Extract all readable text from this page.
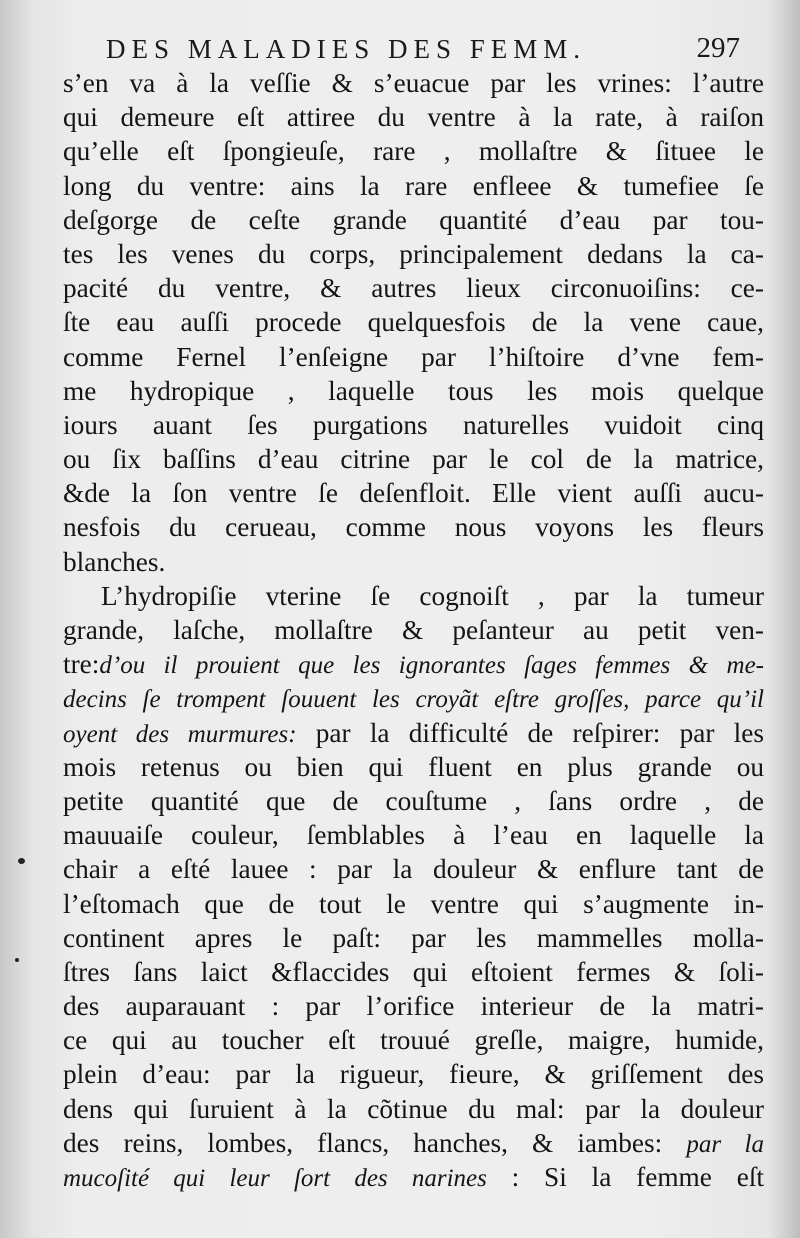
DES MALADIES DES FEMM.	297
s’en va à la veſſie & s’euacue par les vrines: l’autre
qui demeure eſt attiree du ventre à la rate, à raiſon
qu’elle eſt ſpongieuſe, rare , mollaſtre & ſituee le
long du ventre: ains la rare enfleee & tumefiee ſe
deſgorge de ceſte grande quantité d’eau par tou-
tes les venes du corps, principalement dedans la ca-
pacité du ventre, & autres lieux circonuoiſins: ce-
ſte eau auſſi procede quelquesfois de la vene caue,
comme Fernel l’enſeigne par l’hiſtoire d’vne fem-
me hydropique , laquelle tous les mois quelque
iours auant ſes purgations naturelles vuidoit cinq
ou ſix baſſins d’eau citrine par le col de la matrice,
&de la ſon ventre ſe deſenfloit. Elle vient auſſi aucu-
nesfois du cerueau, comme nous voyons les fleurs
blanches.
L’hydropiſie vterine ſe cognoiſt , par la tumeur
grande, laſche, mollaſtre & peſanteur au petit ven-
tre:d’ou il prouient que les ignorantes ſages femmes & me-
decins ſe trompent ſouuent les croyãt eſtre groſſes, parce qu’il
oyent des murmures: par la difficulté de reſpirer: par les
mois retenus ou bien qui fluent en plus grande ou
petite quantité que de couſtume , ſans ordre , de
mauuaiſe couleur, ſemblables à l’eau en laquelle la
chair a eſté lauee : par la douleur & enflure tant de
l’eſtomach que de tout le ventre qui s’augmente in-
continent apres le paſt: par les mammelles molla-
ſtres ſans laict &flaccides qui eſtoient fermes & ſoli-
des auparauant : par l’orifice interieur de la matri-
ce qui au toucher eſt trouué greſle, maigre, humide,
plein d’eau: par la rigueur, fieure, & griſſement des
dens qui ſuruient à la cõtinue du mal: par la douleur
des reins, lombes, flancs, hanches, & iambes: par la
mucoſité qui leur ſort des narines : Si la femme eſt
